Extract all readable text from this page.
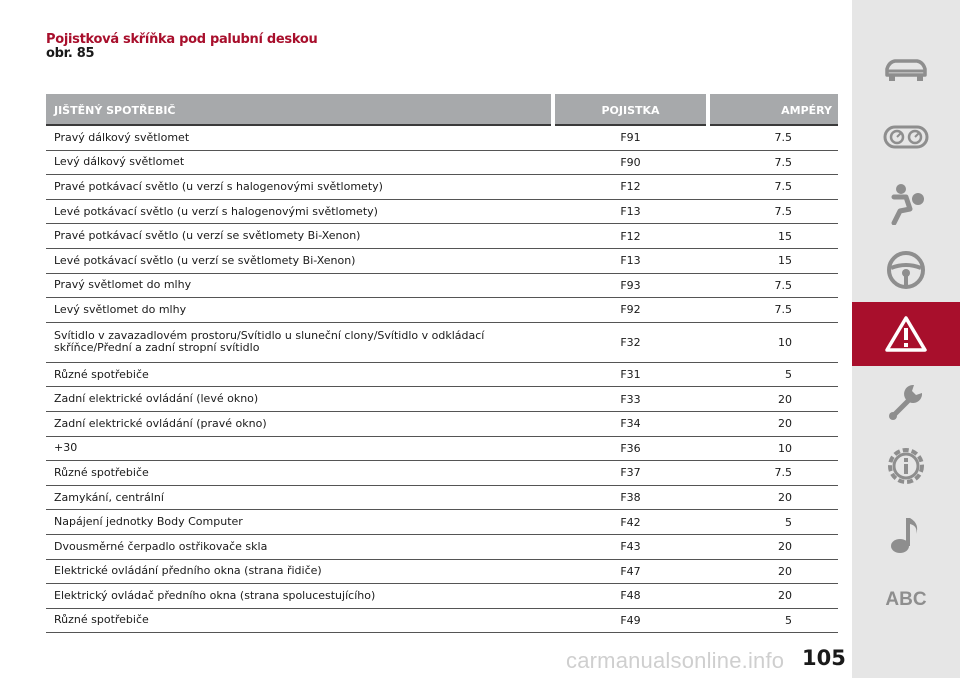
Pojistková skříňka pod palubní deskou
obr. 85
JIŠTĚNÝ SPOTŘEBIČ	POJISTKA	AMPÉRY
Pravý dálkový světlomet	F91	7.5
Levý dálkový světlomet	F90	7.5
Pravé potkávací světlo (u verzí s halogenovými světlomety)	F12	7.5
Levé potkávací světlo (u verzí s halogenovými světlomety)	F13	7.5
Pravé potkávací světlo (u verzí se světlomety Bi-Xenon)	F12	15
Levé potkávací světlo (u verzí se světlomety Bi-Xenon)	F13	15
Pravý světlomet do mlhy	F93	7.5
Levý světlomet do mlhy	F92	7.5
Svítidlo v zavazadlovém prostoru/Svítidlo u sluneční clony/Svítidlo v odkládací
skříňce/Přední a zadní stropní svítidlo	F32	10
Různé spotřebiče	F31	5
Zadní elektrické ovládání (levé okno)	F33	20
Zadní elektrické ovládání (pravé okno)	F34	20
+30	F36	10
Různé spotřebiče	F37	7.5
Zamykání, centrální	F38	20
Napájení jednotky Body Computer	F42	5
Dvousměrné čerpadlo ostřikovače skla	F43	20
Elektrické ovládání předního okna (strana řidiče)	F47	20
Elektrický ovládač předního okna (strana spolucestujícího)	F48	20
Různé spotřebiče	F49	5
carmanualsonline.info 105
ABC
